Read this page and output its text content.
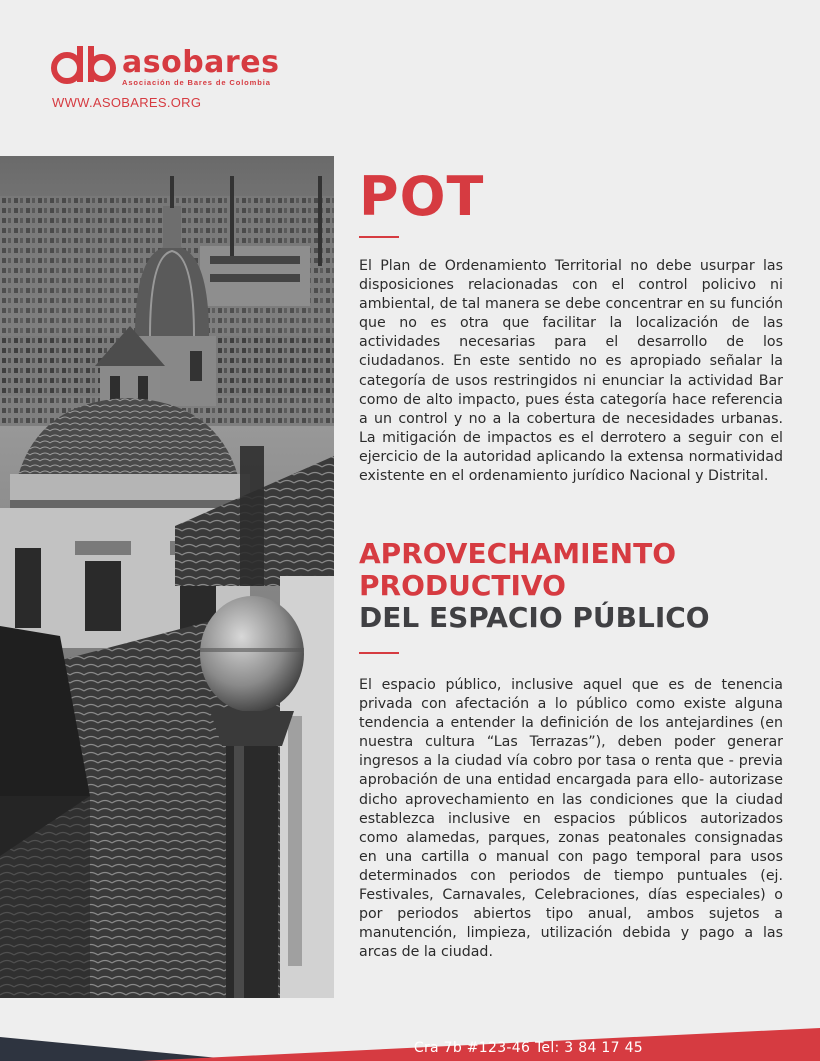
asobares
Asociación de Bares de Colombia
WWW.ASOBARES.ORG
POT

El Plan de Ordenamiento Territorial no debe usurpar las disposiciones relacionadas con el control policivo ni ambiental, de tal manera se debe concentrar en su función que no es otra que facilitar la localización de las actividades necesarias para el desarrollo de los ciudadanos. En este sentido no es apropiado señalar la categoría de usos restringidos ni enunciar la actividad Bar como de alto impacto, pues ésta categoría hace referencia a un control y no a la cobertura de necesidades urbanas. La mitigación de impactos es el derrotero a seguir con el ejercicio de la autoridad aplicando la extensa normatividad existente en el ordenamiento jurídico Nacional y Distrital.

APROVECHAMIENTO
PRODUCTIVO
DEL ESPACIO PÚBLICO

El espacio público, inclusive aquel que es de tenencia privada con afectación a lo público como existe alguna tendencia a entender la definición de los antejardines (en nuestra cultura “Las Terrazas”), deben poder generar ingresos a la ciudad vía cobro por tasa o renta que - previa aprobación de una entidad encargada para ello- autorizase dicho aprovechamiento en las condiciones que la ciudad establezca inclusive en espacios públicos autorizados como alamedas, parques, zonas peatonales consignadas en una cartilla o manual con pago temporal para usos determinados con periodos de tiempo puntuales (ej. Festivales, Carnavales, Celebraciones, días especiales) o por periodos abiertos tipo anual, ambos sujetos a manutención, limpieza, utilización debida y pago a las arcas de la ciudad.

Cra 7b #123-46 Tel: 3 84 17 45
